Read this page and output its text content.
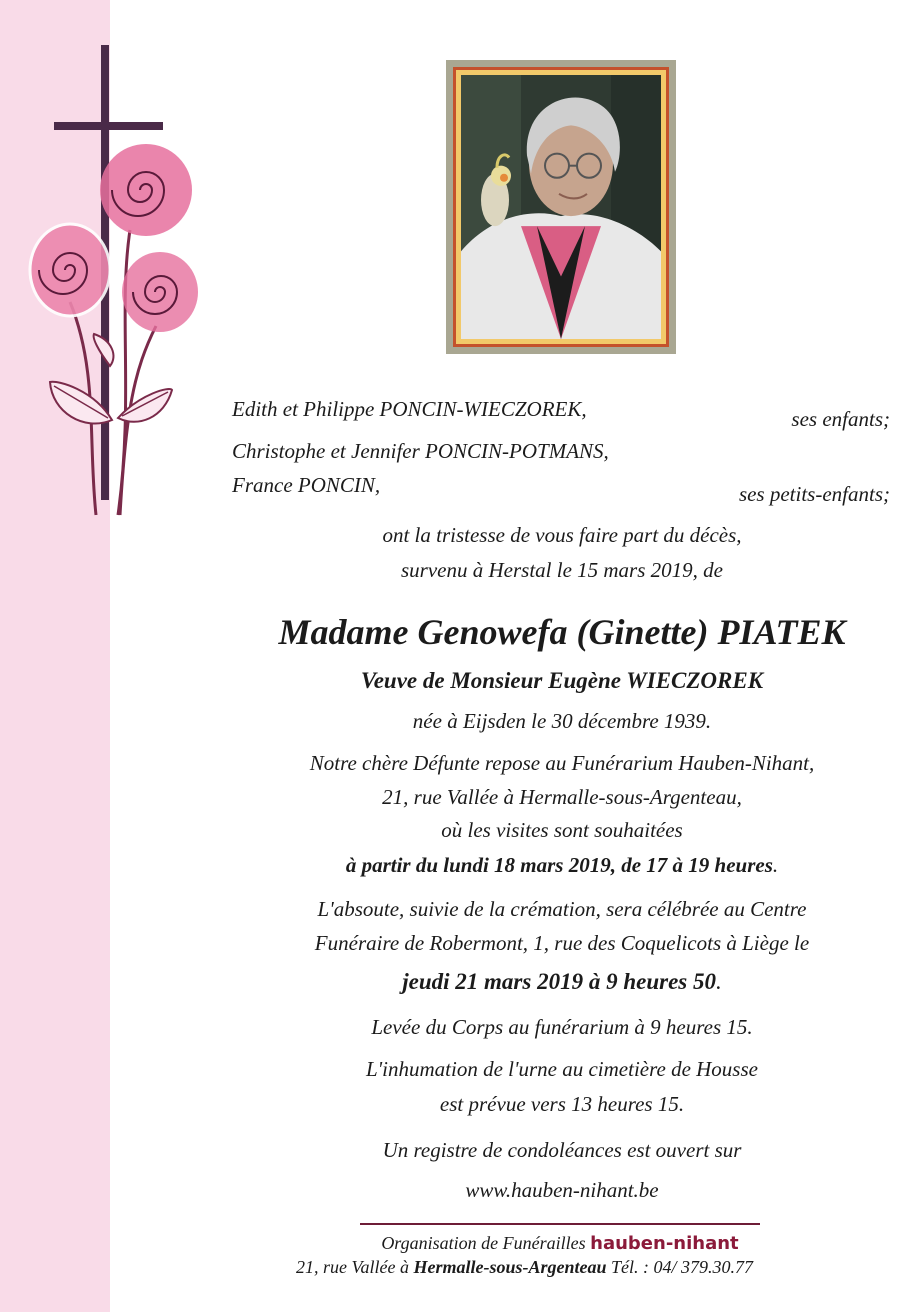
Edith et Philippe PONCIN-WIECZOREK,	ses enfants;
Christophe et Jennifer PONCIN-POTMANS,
France PONCIN,	ses petits-enfants;
ont la tristesse de vous faire part du décès,
survenu à Herstal le 15 mars 2019, de
Madame Genowefa (Ginette) PIATEK
Veuve de Monsieur Eugène WIECZOREK
née à Eijsden le 30 décembre 1939.
Notre chère Défunte repose au Funérarium Hauben-Nihant,
21, rue Vallée à Hermalle-sous-Argenteau,
où les visites sont souhaitées
à partir du lundi 18 mars 2019, de 17 à 19 heures.
L'absoute, suivie de la crémation, sera célébrée au Centre
Funéraire de Robermont, 1, rue des Coquelicots à Liège le
jeudi 21 mars 2019 à 9 heures 50.
Levée du Corps au funérarium à 9 heures 15.
L'inhumation de l'urne au cimetière de Housse
est prévue vers 13 heures 15.
Un registre de condoléances est ouvert sur
www.hauben-nihant.be
Organisation de Funérailles hauben-nihant
21, rue Vallée à Hermalle-sous-Argenteau Tél. : 04/ 379.30.77
